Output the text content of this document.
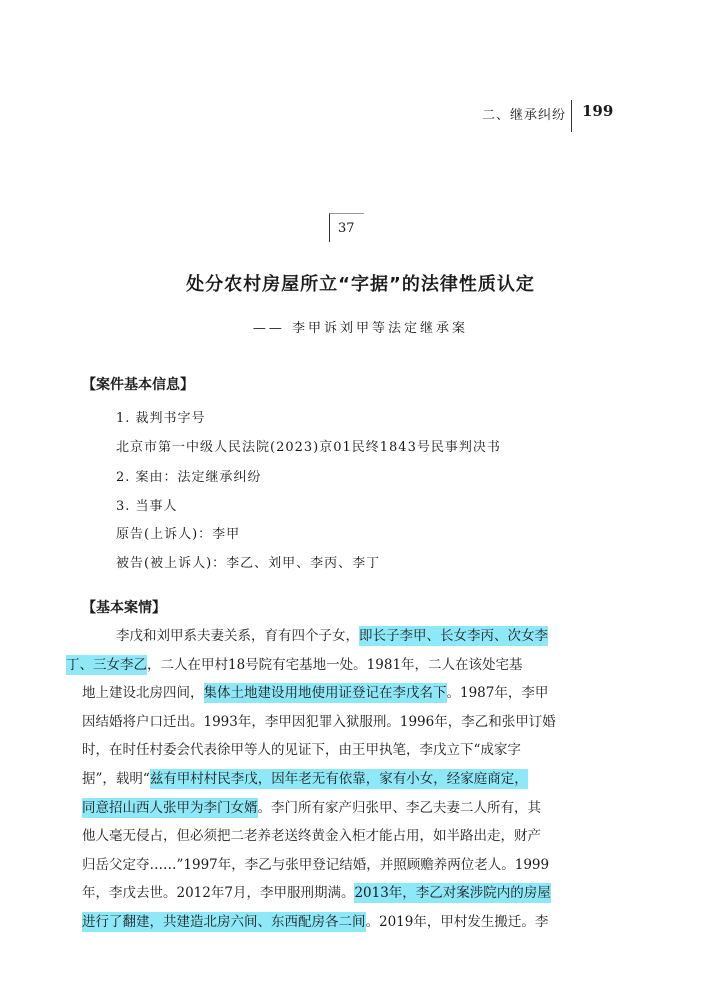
二、继承纠纷 199
37
处分农村房屋所立“字据”的法律性质认定
—— 李甲诉刘甲等法定继承案
【案件基本信息】
1. 裁判书字号
北京市第一中级人民法院(2023)京01民终1843号民事判决书
2. 案由：法定继承纠纷
3. 当事人
原告(上诉人)：李甲
被告(被上诉人)：李乙、刘甲、李丙、李丁
【基本案情】
李戊和刘甲系夫妻关系，育有四个子女，即长子李甲、长女李丙、次女李
丁、三女李乙，二人在甲村18号院有宅基地一处。1981年，二人在该处宅基
地上建设北房四间，集体土地建设用地使用证登记在李戊名下。1987年，李甲
因结婚将户口迁出。1993年，李甲因犯罪入狱服刑。1996年，李乙和张甲订婚
时，在时任村委会代表徐甲等人的见证下，由王甲执笔，李戊立下“成家字
据”，载明“兹有甲村村民李戊，因年老无有依靠，家有小女，经家庭商定，
同意招山西人张甲为李门女婿。李门所有家产归张甲、李乙夫妻二人所有，其
他人毫无侵占，但必须把二老养老送终黄金入柜才能占用，如半路出走，财产
归岳父定夺……”1997年，李乙与张甲登记结婚，并照顾赡养两位老人。1999
年，李戊去世。2012年7月，李甲服刑期满。2013年，李乙对案涉院内的房屋
进行了翻建，共建造北房六间、东西配房各二间。2019年，甲村发生搬迁。李
